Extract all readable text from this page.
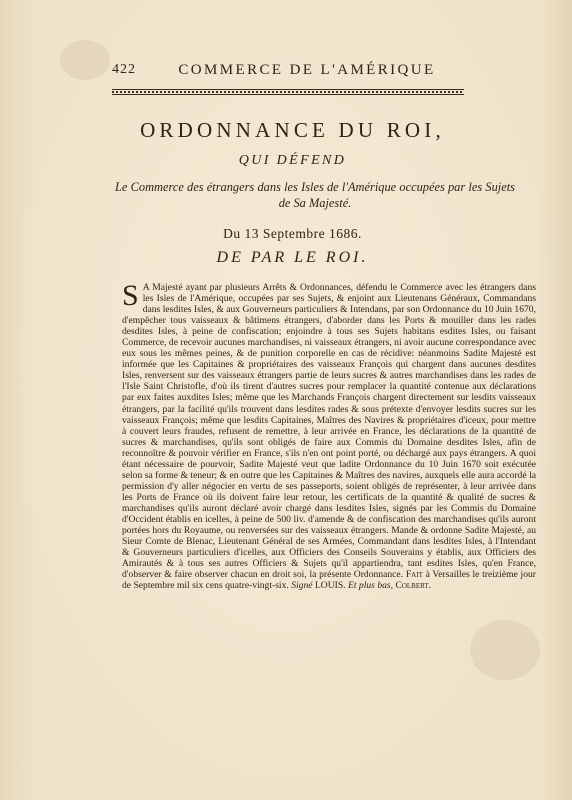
422	COMMERCE DE L'AMÉRIQUE
ORDONNANCE DU ROI,
QUI DÉFEND
Le Commerce des étrangers dans les Isles de l'Amérique occupées par les Sujets de Sa Majesté.
Du 13 Septembre 1686.
DE PAR LE ROI.
S A Majesté ayant par plusieurs Arrêts & Ordonnances, défendu le Commerce avec les étrangers dans les Isles de l'Amérique, occupées par ses Sujets, & enjoint aux Lieutenans Généraux, Commandans dans lesdites Isles, & aux Gouverneurs particuliers & Intendans, par son Ordonnance du 10 Juin 1670, d'empêcher tous vaisseaux & bâtimens étrangers, d'aborder dans les Ports & mouiller dans les rades desdites Isles, à peine de confiscation; enjoindre à tous ses Sujets habitans esdites Isles, ou faisant Commerce, de recevoir aucunes marchandises, ni vaisseaux étrangers, ni avoir aucune correspondance avec eux sous les mêmes peines, & de punition corporelle en cas de récidive: néanmoins Sadite Majesté est informée que les Capitaines & propriétaires des vaisseaux François qui chargent dans aucunes desdites Isles, renversent sur des vaisseaux étrangers partie de leurs sucres & autres marchandises dans les rades de l'Isle Saint Christofle, d'où ils tirent d'autres sucres pour remplacer la quantité contenue aux déclarations par eux faites auxdites Isles; même que les Marchands François chargent directement sur lesdits vaisseaux étrangers, par la facilité qu'ils trouvent dans lesdites rades & sous prétexte d'envoyer lesdits sucres sur les vaisseaux François; même que lesdits Capitaines, Maîtres des Navires & propriétaires d'iceux, pour mettre à couvert leurs fraudes, refusent de remettre, à leur arrivée en France, les déclarations de la quantité de sucres & marchandises, qu'ils sont obligés de faire aux Commis du Domaine desdites Isles, afin de reconnoître & pouvoir vérifier en France, s'ils n'en ont point porté, ou déchargé aux pays étrangers. A quoi étant nécessaire de pourvoir, Sadite Majesté veut que ladite Ordonnance du 10 Juin 1670 soit exécutée selon sa forme & teneur; & en outre que les Capitaines & Maîtres des navires, auxquels elle aura accordé la permission d'y aller négocier en vertu de ses passeports, soient obligés de représenter, à leur arrivée dans les Ports de France où ils doivent faire leur retour, les certificats de la quantité & qualité de sucres & marchandises qu'ils auront déclaré avoir chargé dans lesdites Isles, signés par les Commis du Domaine d'Occident établis en icelles, à peine de 500 liv. d'amende & de confiscation des marchandises qu'ils auront portées hors du Royaume, ou renversées sur des vaisseaux étrangers. Mande & ordonne Sadite Majesté, au Sieur Comte de Blenac, Lieutenant Général de ses Armées, Commandant dans lesdites Isles, à l'Intendant & Gouverneurs particuliers d'icelles, aux Officiers des Conseils Souverains y établis, aux Officiers des Amirautés & à tous ses autres Officiers & Sujets qu'il appartiendra, tant esdites Isles, qu'en France, d'observer & faire observer chacun en droit soi, la présente Ordonnance. Fait à Versailles le treizième jour de Septembre mil six cens quatre-vingt-six. Signé LOUIS. Et plus bas, Colbert.
